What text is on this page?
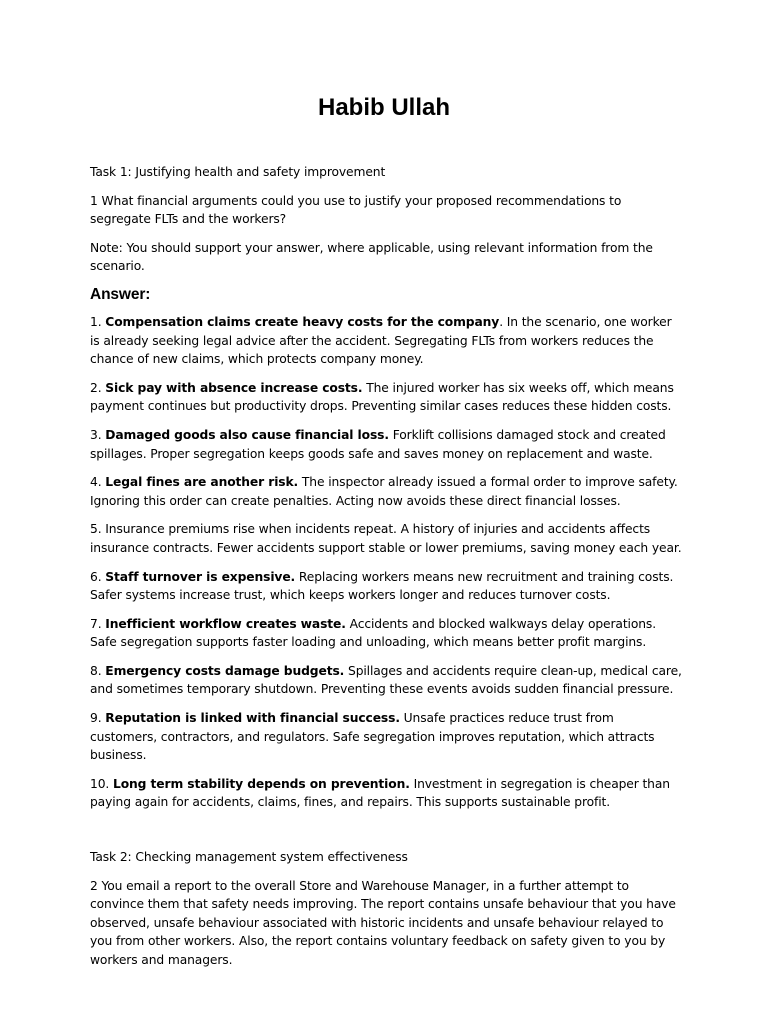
Habib Ullah

Task 1: Justifying health and safety improvement

1 What financial arguments could you use to justify your proposed recommendations to segregate FLTs and the workers?

Note: You should support your answer, where applicable, using relevant information from the scenario.

Answer:

1. Compensation claims create heavy costs for the company. In the scenario, one worker is already seeking legal advice after the accident. Segregating FLTs from workers reduces the chance of new claims, which protects company money.

2. Sick pay with absence increase costs. The injured worker has six weeks off, which means payment continues but productivity drops. Preventing similar cases reduces these hidden costs.

3. Damaged goods also cause financial loss. Forklift collisions damaged stock and created spillages. Proper segregation keeps goods safe and saves money on replacement and waste.

4. Legal fines are another risk. The inspector already issued a formal order to improve safety. Ignoring this order can create penalties. Acting now avoids these direct financial losses.

5. Insurance premiums rise when incidents repeat. A history of injuries and accidents affects insurance contracts. Fewer accidents support stable or lower premiums, saving money each year.

6. Staff turnover is expensive. Replacing workers means new recruitment and training costs. Safer systems increase trust, which keeps workers longer and reduces turnover costs.

7. Inefficient workflow creates waste. Accidents and blocked walkways delay operations. Safe segregation supports faster loading and unloading, which means better profit margins.

8. Emergency costs damage budgets. Spillages and accidents require clean-up, medical care, and sometimes temporary shutdown. Preventing these events avoids sudden financial pressure.

9. Reputation is linked with financial success. Unsafe practices reduce trust from customers, contractors, and regulators. Safe segregation improves reputation, which attracts business.

10. Long term stability depends on prevention. Investment in segregation is cheaper than paying again for accidents, claims, fines, and repairs. This supports sustainable profit.

Task 2: Checking management system effectiveness

2 You email a report to the overall Store and Warehouse Manager, in a further attempt to convince them that safety needs improving. The report contains unsafe behaviour that you have observed, unsafe behaviour associated with historic incidents and unsafe behaviour relayed to you from other workers. Also, the report contains voluntary feedback on safety given to you by workers and managers.
